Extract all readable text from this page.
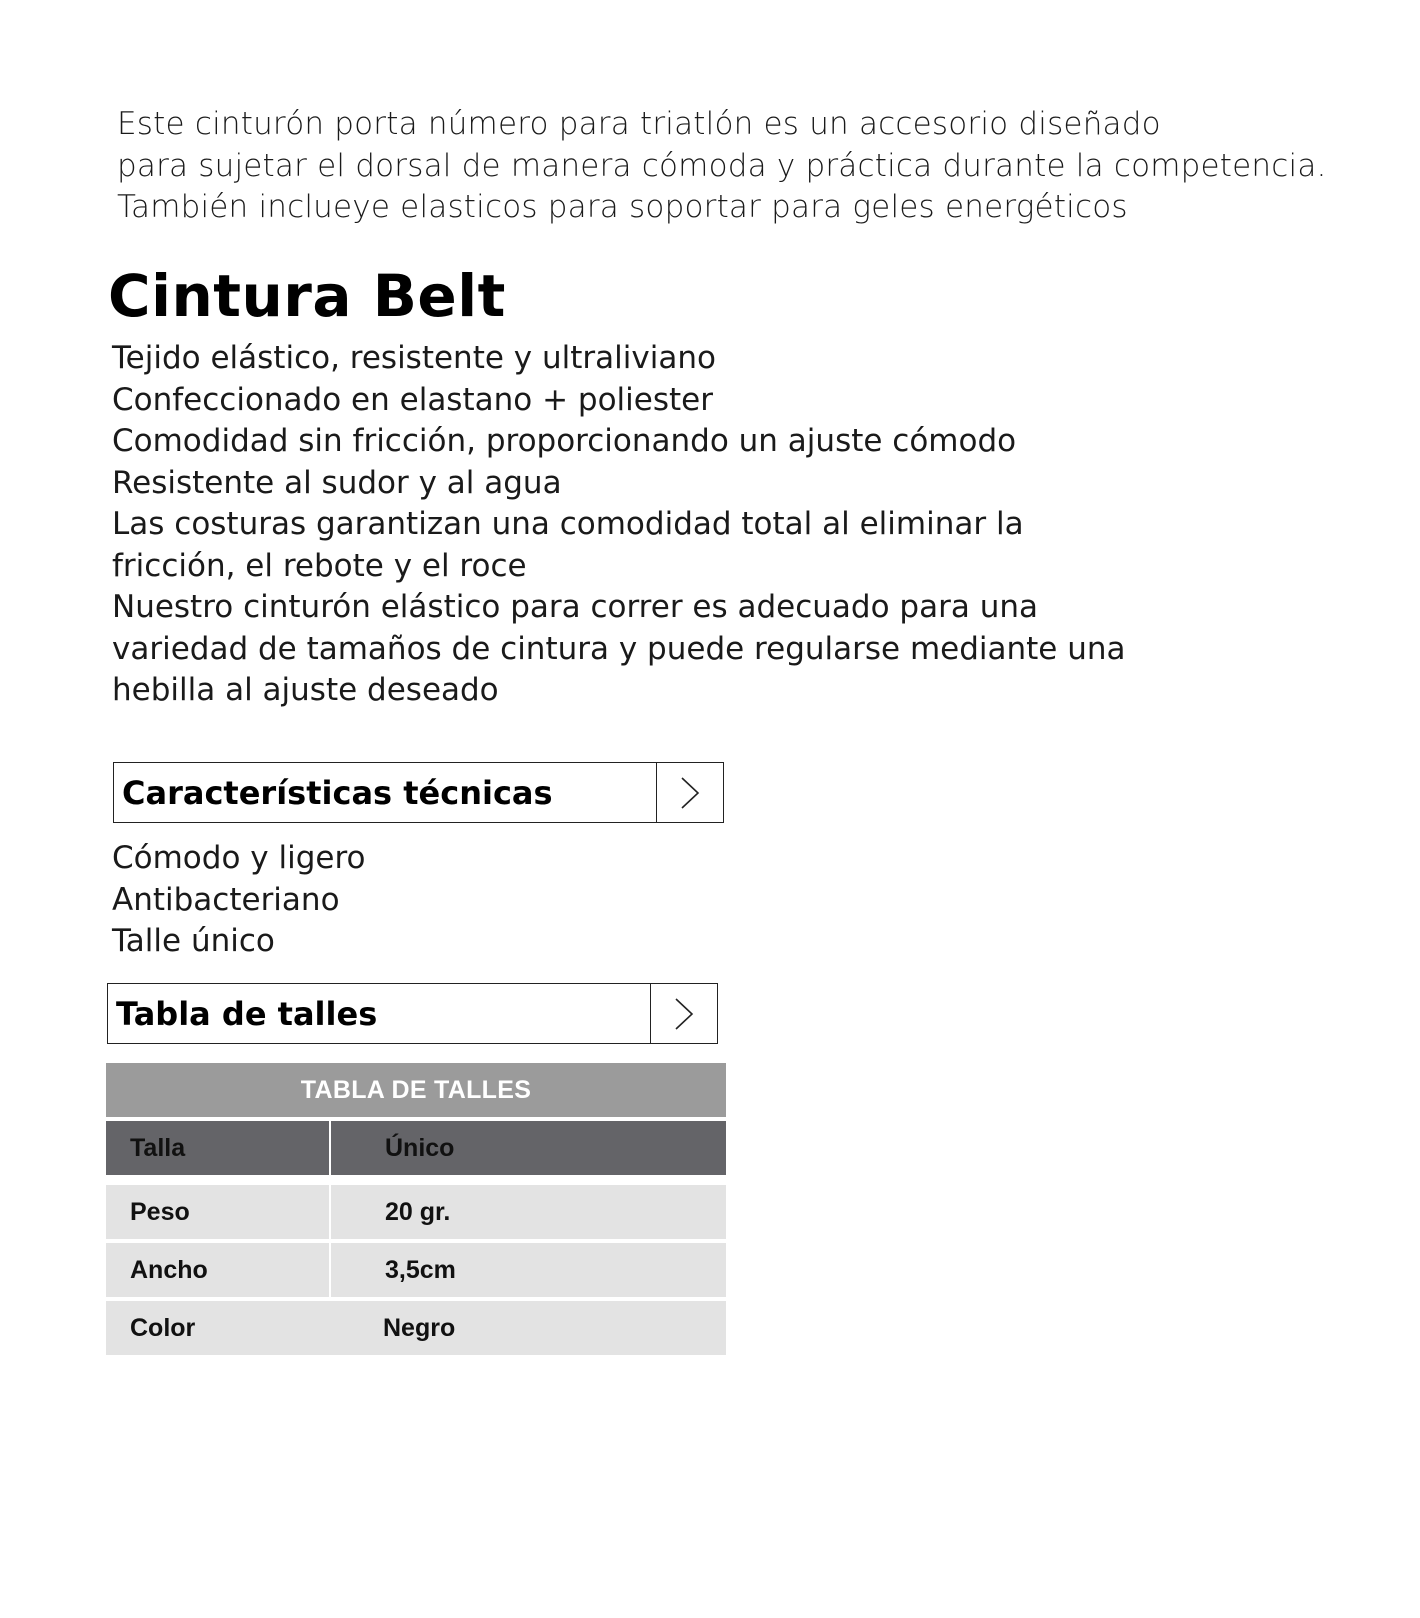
Este cinturón porta número para triatlón es un accesorio diseñado
para sujetar el dorsal de manera cómoda y práctica durante la competencia.
También inclueye elasticos para soportar para geles energéticos
Cintura Belt
Tejido elástico, resistente y ultraliviano
Confeccionado en elastano + poliester
Comodidad sin fricción, proporcionando un ajuste cómodo
Resistente al sudor y al agua
Las costuras garantizan una comodidad total al eliminar la
fricción, el rebote y el roce
Nuestro cinturón elástico para correr es adecuado para una
variedad de tamaños de cintura y puede regularse mediante una
hebilla al ajuste deseado
Características técnicas
Cómodo y ligero
Antibacteriano
Talle único
Tabla de talles
TABLA DE TALLES
Talla	Único
Peso	20 gr.
Ancho	3,5cm
Color	Negro
